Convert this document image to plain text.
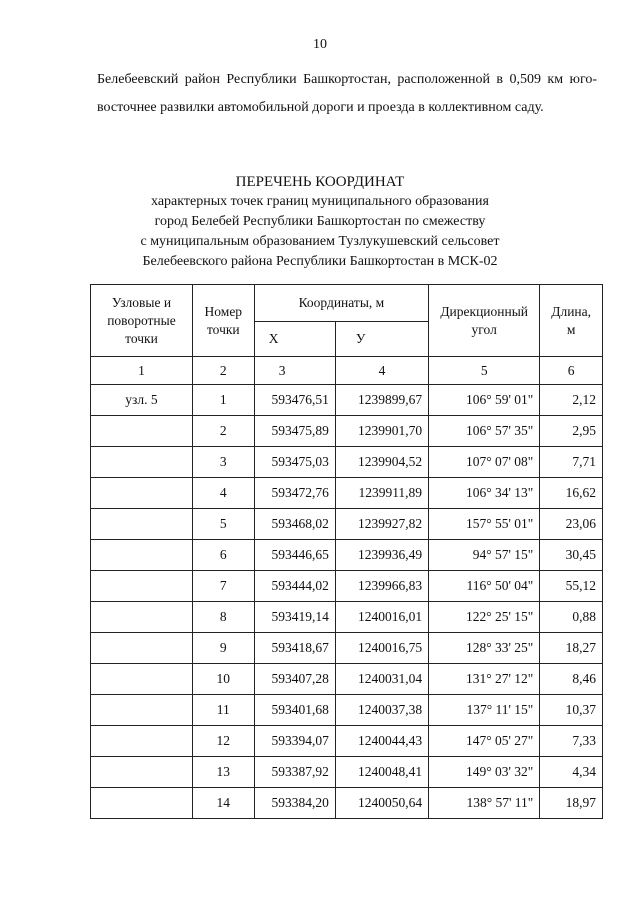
10

Белебеевский район Республики Башкортостан, расположенной в 0,509 км юго-восточнее развилки автомобильной дороги и проезда в коллективном саду.

ПЕРЕЧЕНЬ КООРДИНАТ
характерных точек границ муниципального образования
город Белебей Республики Башкортостан по смежеству
с муниципальным образованием Тузлукушевский сельсовет
Белебеевского района Республики Башкортостан в МСК-02
Узловые и поворотные точки	Номер точки	Координаты, м		Дирекционный угол	Длина, м
		X	У		
1	2	3	4	5	6
узл. 5	1	593476,51	1239899,67	106° 59' 01"	2,12
	2	593475,89	1239901,70	106° 57' 35"	2,95
	3	593475,03	1239904,52	107° 07' 08"	7,71
	4	593472,76	1239911,89	106° 34' 13"	16,62
	5	593468,02	1239927,82	157° 55' 01"	23,06
	6	593446,65	1239936,49	94° 57' 15"	30,45
	7	593444,02	1239966,83	116° 50' 04"	55,12
	8	593419,14	1240016,01	122° 25' 15"	0,88
	9	593418,67	1240016,75	128° 33' 25"	18,27
	10	593407,28	1240031,04	131° 27' 12"	8,46
	11	593401,68	1240037,38	137° 11' 15"	10,37
	12	593394,07	1240044,43	147° 05' 27"	7,33
	13	593387,92	1240048,41	149° 03' 32"	4,34
	14	593384,20	1240050,64	138° 57' 11"	18,97
